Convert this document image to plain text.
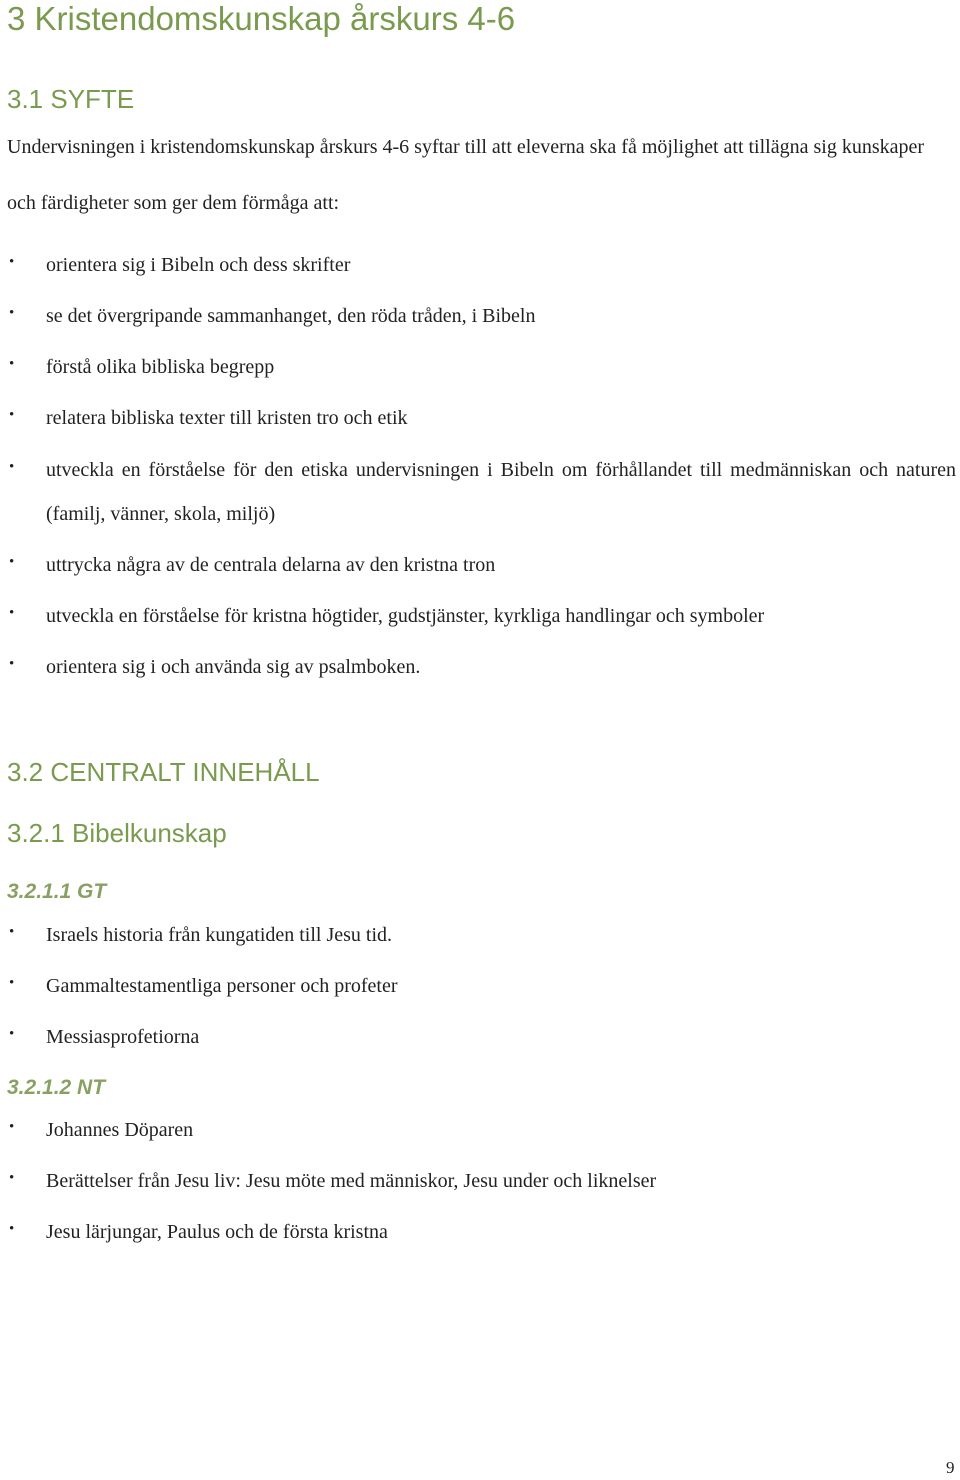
3 Kristendomskunskap årskurs 4-6
3.1 SYFTE

Undervisningen i kristendomskunskap årskurs 4-6 syftar till att eleverna ska få möjlighet att tillägna sig kunskaper och färdigheter som ger dem förmåga att:

• orientera sig i Bibeln och dess skrifter
• se det övergripande sammanhanget, den röda tråden, i Bibeln
• förstå olika bibliska begrepp
• relatera bibliska texter till kristen tro och etik
• utveckla en förståelse för den etiska undervisningen i Bibeln om förhållandet till medmänniskan och naturen (familj, vänner, skola, miljö)
• uttrycka några av de centrala delarna av den kristna tron
• utveckla en förståelse för kristna högtider, gudstjänster, kyrkliga handlingar och symboler
• orientera sig i och använda sig av psalmboken.
3.2 CENTRALT INNEHÅLL
3.2.1 Bibelkunskap
3.2.1.1 GT
• Israels historia från kungatiden till Jesu tid.
• Gammaltestamentliga personer och profeter
• Messiasprofetiorna
3.2.1.2 NT
• Johannes Döparen
• Berättelser från Jesu liv: Jesu möte med människor, Jesu under och liknelser
• Jesu lärjungar, Paulus och de första kristna
9
